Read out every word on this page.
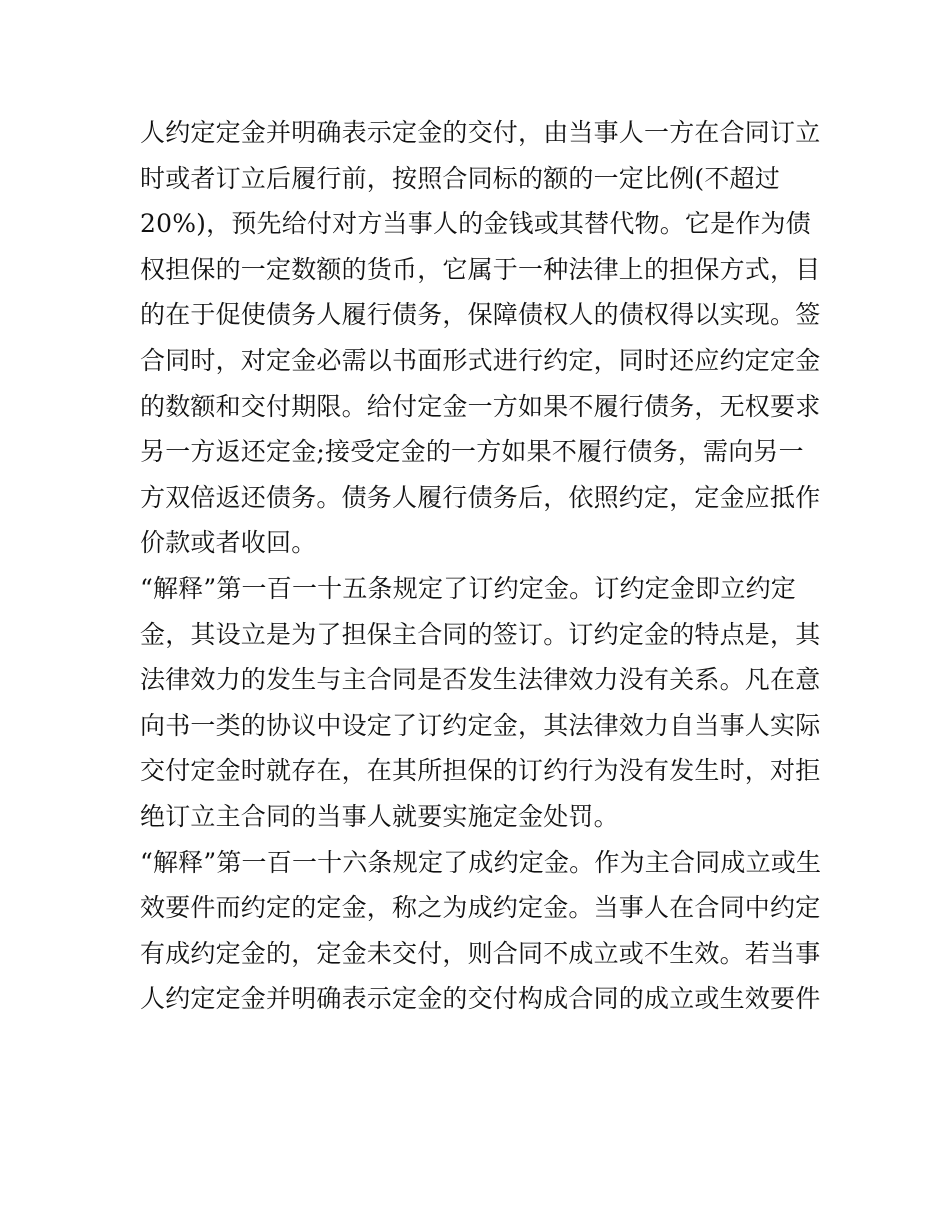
人约定定金并明确表示定金的交付，由当事人一方在合同订立
时或者订立后履行前，按照合同标的额的一定比例(不超过
20%)，预先给付对方当事人的金钱或其替代物。它是作为债
权担保的一定数额的货币，它属于一种法律上的担保方式，目
的在于促使债务人履行债务，保障债权人的债权得以实现。签
合同时，对定金必需以书面形式进行约定，同时还应约定定金
的数额和交付期限。给付定金一方如果不履行债务，无权要求
另一方返还定金;接受定金的一方如果不履行债务，需向另一
方双倍返还债务。债务人履行债务后，依照约定，定金应抵作
价款或者收回。
“解释”第一百一十五条规定了订约定金。订约定金即立约定
金，其设立是为了担保主合同的签订。订约定金的特点是，其
法律效力的发生与主合同是否发生法律效力没有关系。凡在意
向书一类的协议中设定了订约定金，其法律效力自当事人实际
交付定金时就存在，在其所担保的订约行为没有发生时，对拒
绝订立主合同的当事人就要实施定金处罚。
“解释”第一百一十六条规定了成约定金。作为主合同成立或生
效要件而约定的定金，称之为成约定金。当事人在合同中约定
有成约定金的，定金未交付，则合同不成立或不生效。若当事
人约定定金并明确表示定金的交付构成合同的成立或生效要件
